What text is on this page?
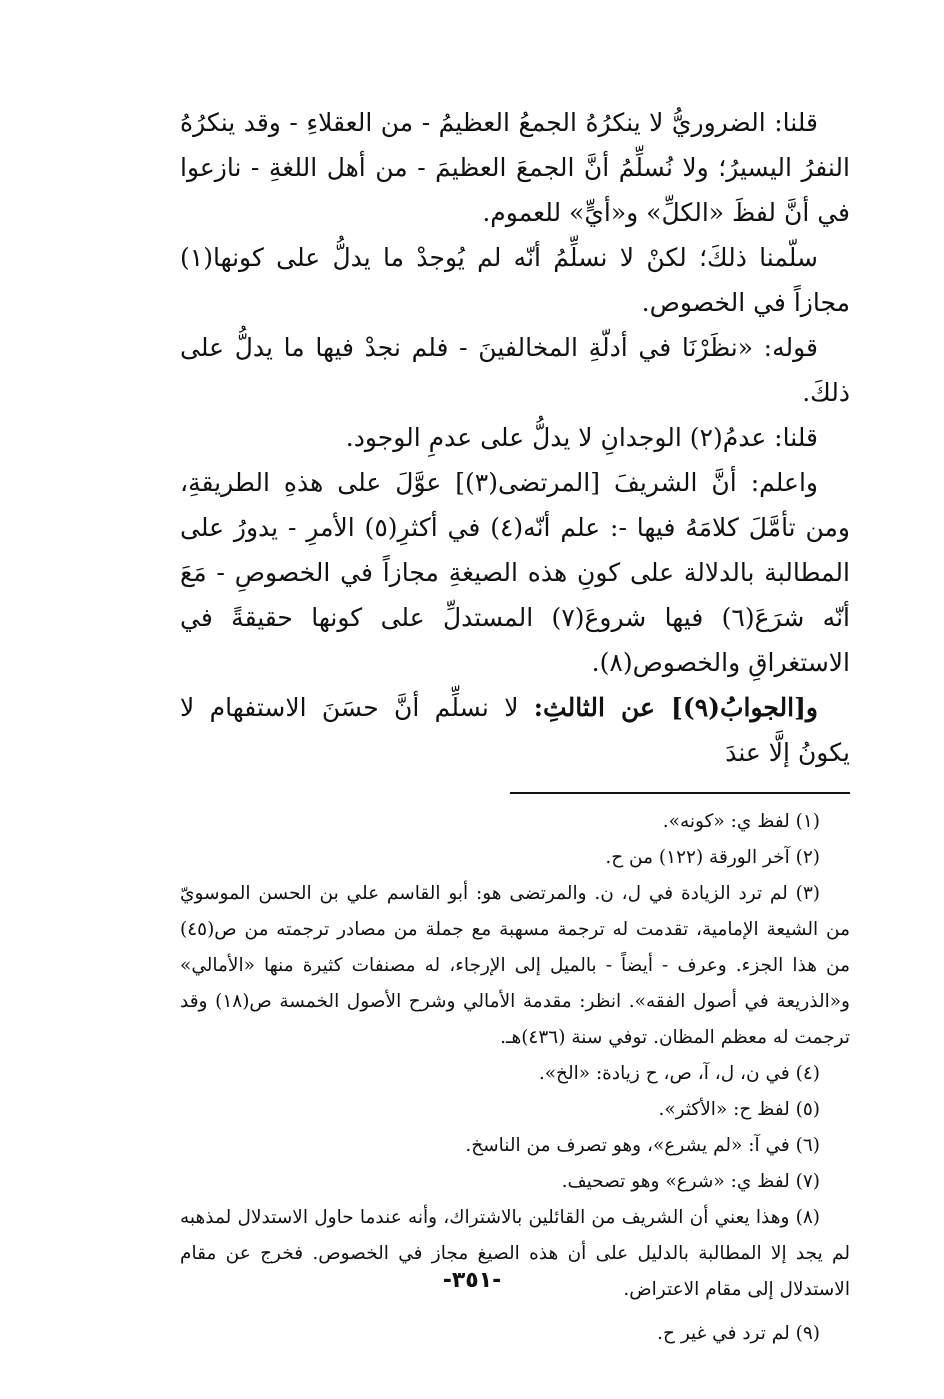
قلنا: الضروريُّ لا ينكرُهُ الجمعُ العظيمُ - من العقلاءِ - وقد ينكرُهُ النفرُ اليسيرُ؛ ولا نُسلِّمُ أنَّ الجمعَ العظيمَ - من أهل اللغةِ - نازعوا في أنَّ لفظَ «الكلِّ» و«أيٍّ» للعموم.

سلّمنا ذلكَ؛ لكنْ لا نسلِّمُ أنّه لم يُوجدْ ما يدلُّ على كونها(١) مجازاً في الخصوص.

قوله: «نظَرْنَا في أدلّةِ المخالفينَ - فلم نجدْ فيها ما يدلُّ على ذلكَ.

قلنا: عدمُ(٢) الوجدانِ لا يدلُّ على عدمِ الوجود.

واعلم: أنَّ الشريفَ [المرتضى(٣)] عوَّلَ على هذهِ الطريقةِ، ومن تأمَّلَ كلامَهُ فيها -: علم أنّه(٤) في أكثرِ(٥) الأمرِ - يدورُ على المطالبة بالدلالة على كونِ هذه الصيغةِ مجازاً في الخصوصِ - مَعَ أنّه شرَعَ(٦) فيها شروعَ(٧) المستدلِّ على كونها حقيقةً في الاستغراقِ والخصوص(٨).

و[الجوابُ(٩)] عن الثالثِ: لا نسلِّم أنَّ حسَنَ الاستفهام لا يكونُ إلَّا عندَ

(١) لفظ ي: «كونه».

(٢) آخر الورقة (١٢٢) من ح.

(٣) لم ترد الزيادة في ل، ن. والمرتضى هو: أبو القاسم علي بن الحسن الموسويّ من الشيعة الإمامية، تقدمت له ترجمة مسهبة مع جملة من مصادر ترجمته من ص(٤٥) من هذا الجزء. وعرف - أيضاً - بالميل إلى الإرجاء، له مصنفات كثيرة منها «الأمالي» و«الذريعة في أصول الفقه». انظر: مقدمة الأمالي وشرح الأصول الخمسة ص(١٨) وقد ترجمت له معظم المظان. توفي سنة (٤٣٦)هـ.

(٤) في ن، ل، آ، ص، ح زيادة: «الخ».

(٥) لفظ ح: «الأكثر».

(٦) في آ: «لم يشرع»، وهو تصرف من الناسخ.

(٧) لفظ ي: «شرع» وهو تصحيف.

(٨) وهذا يعني أن الشريف من القائلين بالاشتراك، وأنه عندما حاول الاستدلال لمذهبه لم يجد إلا المطالبة بالدليل على أن هذه الصيغ مجاز في الخصوص. فخرج عن مقام الاستدلال إلى مقام الاعتراض.

(٩) لم ترد في غير ح.

-٣٥١-
